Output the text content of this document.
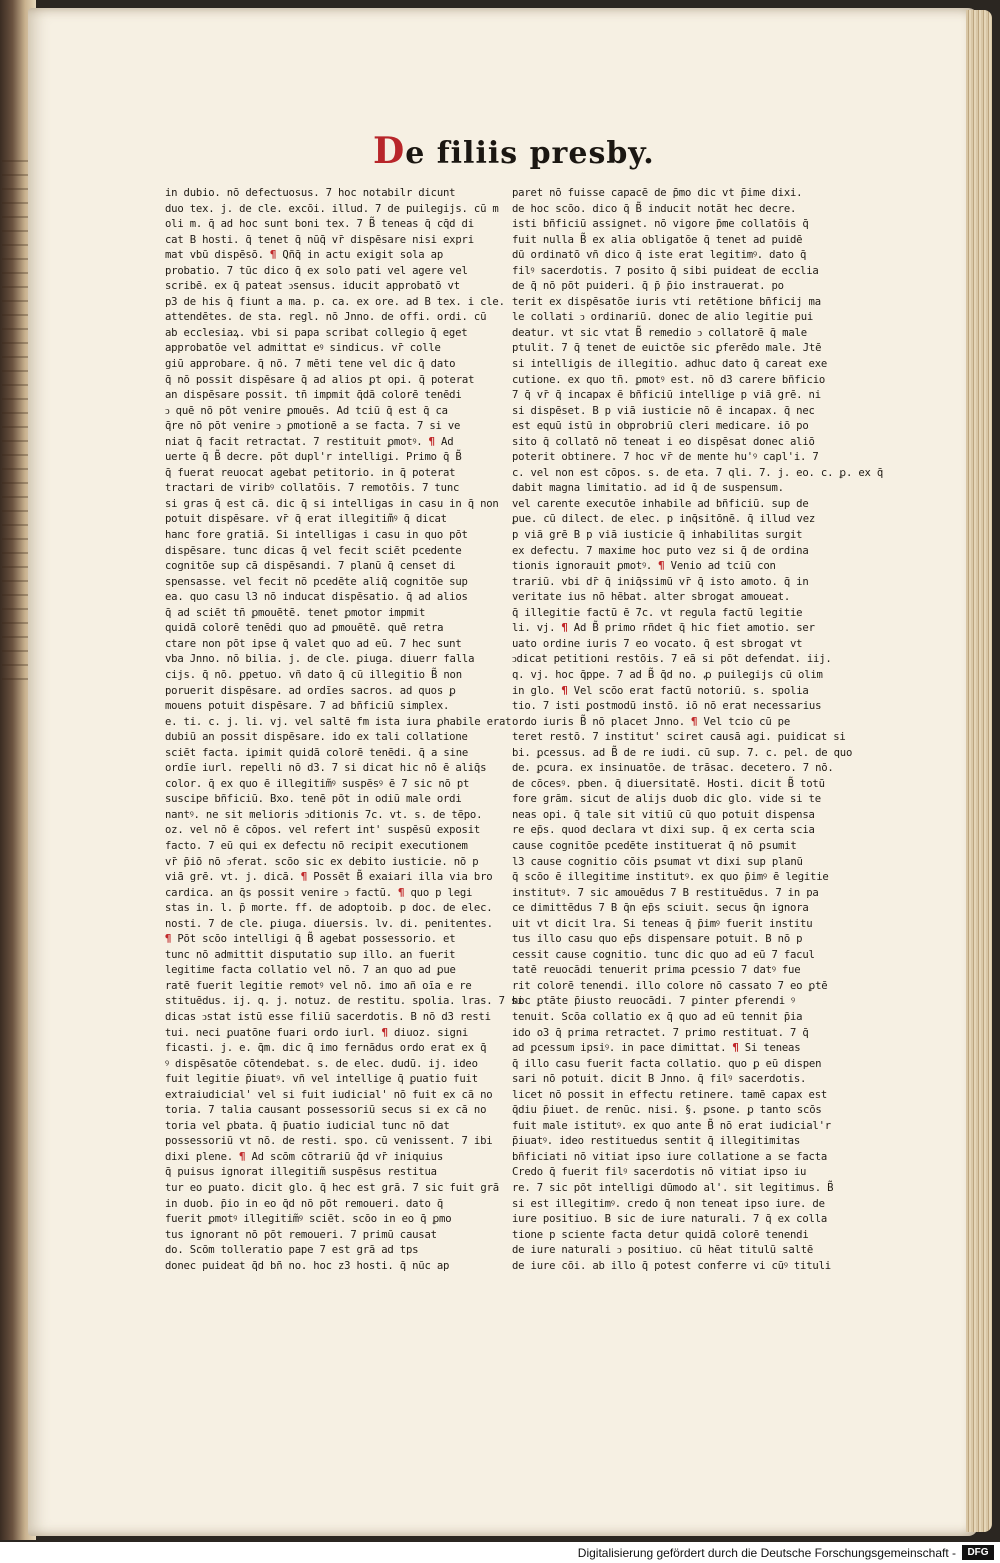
De filiis presby.
in dubio. nō defectuosus. 7 hoc notabilr dicunt
duo tex. j. de cle. excōi. illud. 7 de puilegijs. cū m
oli m. q̄ ad hoc sunt boni tex. 7 B̃ teneas q̄ cq̄d di
cat B hosti. q̄ tenet q̄ nūq̄ vr̄ dispēsare nisi expri
mat vbū dispēsō. ¶ Qñq̄ in actu exigit sola ap
probatio. 7 tūc dico q̄ ex solo pati vel agere vel
scribē. ex q̄ pateat ↄsensus. iducit approbatō vt
p3 de his q̄ fiunt a ma. p. ca. ex ore. ad B tex. i cle.
attendētes. de sta. regl. nō Jnno. de offi. ordi. cū
ab ecclesiaꝝ. vbi si papa scribat collegio q̄ eget
approbatōe vel admittat eꝰ sindicus. vr̄ colle
giū approbare. q̄ nō. 7 mēti tene vel dic q̄ dato
q̄ nō possit dispēsare q̄ ad alios ꝑt opi. q̄ poterat
an dispēsare possit. tn̄ impmit q̄dā colorē tenēdi
ↄ quē nō pōt venire ꝑmouēs. Ad tciū q̄ est q̄ ca
q̄re nō pōt venire ↄ ꝑmotionē a se facta. 7 si ve
niat q̄ facit retractat. 7 restituit ꝑmotꝰ. ¶ Ad
uerte q̄ B̃ decre. pōt dupl'r intelligi. Primo q̄ B̃
q̄ fuerat reuocat agebat petitorio. in q̄ poterat
tractari de viribꝰ collatōis. 7 remotōis. 7 tunc
si gras q̄ est cā. dic q̄ si intelligas in casu in q̄ non
potuit dispēsare. vr̄ q̄ erat illegitim̃ꝰ q̄ dicat
hanc fore gratiā. Si intelligas i casu in quo pōt
dispēsare. tunc dicas q̄ vel fecit sciēt pcedente
cognitōe sup cā dispēsandi. 7 planū q̄ censet di
spensasse. vel fecit nō pcedēte aliq̄ cognitōe sup
ea. quo casu l3 nō inducat dispēsatio. q̄ ad alios
q̄ ad sciēt tn̄ ꝑmouētē. tenet ꝑmotor impmit
quidā colorē tenēdi quo ad ꝑmouētē. quē retra
ctare non pōt ipse q̄ valet quo ad eū. 7 hec sunt
vba Jnno. nō bilia. j. de cle. ꝑiuga. diuerr falla
cijs. q̄ nō. ꝑpetuo. vñ dato q̄ cū illegitio B̃ non
poruerit dispēsare. ad ordīes sacros. ad quos ꝑ
mouens potuit dispēsare. 7 ad bñficiū simplex.
e. ti. c. j. li. vj. vel saltē fm ista iura ꝑhabile erat
dubiū an possit dispēsare. ido ex tali collatione
sciēt facta. iꝑimit quidā colorē tenēdi. q̄ a sine
ordīe iurl. repelli nō d3. 7 si dicat hic nō ē aliq̄s
color. q̄ ex quo ē illegitim̃ꝰ suspēsꝰ ē 7 sic nō pt
suscipe bñficiū. Bxo. tenē pōt in odiū male ordi
nantꝰ. ne sit melioris ↄditionis 7c. vt. s. de tēpo.
oz. vel nō ē cōpos. vel refert int' suspēsū exposit
facto. 7 eū qui ex defectu nō recipit executionem
vr̄ p̄iō nō ↄferat. scōo sic ex debito iusticie. nō p
viā grē. vt. j. dicā. ¶ Possēt B̃ exaiari illa via bro
cardica. an q̄s possit venire ↄ factū. ¶ quo p legi
stas in. l. p̄ morte. ff. de adoptoib. p doc. de elec.
nosti. 7 de cle. ꝑiuga. diuersis. lv. di. penitentes.
¶ Pōt scōo intelligi q̄ B̃ agebat possessorio. et
tunc nō admittit disputatio sup illo. an fuerit
legitime facta collatio vel nō. 7 an quo ad ꝑue
ratē fuerit legitie remotꝰ vel nō. imo añ oīa e re
stituēdus. ij. q. j. notuz. de restitu. spolia. lras. 7 si
dicas ↄstat istū esse filiū sacerdotis. B nō d3 resti
tui. neci ꝑuatōne fuari ordo iurl. ¶ diuoz. signi
ficasti. j. e. q̄m. dic q̄ imo fernādus ordo erat ex q̄
ꝰ dispēsatōe cōtendebat. s. de elec. dudū. ij. ideo
fuit legitie p̄iuatꝰ. vñ vel intellige q̄ ꝑuatio fuit
extraiudicial' vel si fuit iudicial' nō fuit ex cā no
toria. 7 talia causant possessoriū secus si ex cā no
toria vel ꝑbata. q̄ p̄uatio iudicial tunc nō dat
possessoriū vt nō. de resti. spo. cū venissent. 7 ibi
dixi plene. ¶ Ad scōm cōtrariū q̄d vr̄ iniquius
q̄ puisus ignorat illegitim̃ suspēsus restitua
tur eo ꝑuato. dicit glo. q̄ hec est grā. 7 sic fuit grā
in duob. p̄io in eo q̄d nō pōt remoueri. dato q̄
fuerit ꝑmotꝰ illegitim̃ꝰ sciēt. scōo in eo q̄ ꝑmo
tus ignorant nō pōt remoueri. 7 primū causat
do. Scōm tolleratio pape 7 est grā ad tps
donec puideat q̄d bñ no. hoc z3 hosti. q̄ nūc ap
paret nō fuisse capacē de p̄mo dic vt p̄ime dixi.
de hoc scōo. dico q̄ B̃ inducit notāt hec decre.
isti bñficiū assignet. nō vigore p̄me collatōis q̄
fuit nulla B̃ ex alia obligatōe q̄ tenet ad puidē
dū ordinatō vñ dico q̄ iste erat legitimꝰ. dato q̄
filꝰ sacerdotis. 7 posito q̄ sibi puideat de ecclia
de q̄ nō pōt puideri. q̄ p̄ p̄io instrauerat. po
terit ex dispēsatōe iuris vti retētione bñficij ma
le collati ↄ ordinariū. donec de alio legitie pui
deatur. vt sic vtat B̃ remedio ↄ collatorē q̄ male
ptulit. 7 q̄ tenet de euictōe sic ꝑferēdo male. Jtē
si intelligis de illegitio. adhuc dato q̄ careat exe
cutione. ex quo tn̄. ꝑmotꝰ est. nō d3 carere bñficio
7 q̄ vr̄ q̄ incapax ē bñficiū intellige p viā grē. ni
si dispēset. B p viā iusticie nō ē incapax. q̄ nec
est equū istū in obprobriū cleri medicare. iō po
sito q̄ collatō nō teneat i eo dispēsat donec aliō
poterit obtinere. 7 hoc vr̄ de mente hu'ꝰ capl'i. 7
c. vel non est cōpos. s. de eta. 7 qli. 7. j. eo. c. ꝑ. ex q̄
dabit magna limitatio. ad id q̄ de suspensum.
vel carente executōe inhabile ad bñficiū. sup de
ꝑue. cū dilect. de elec. p inq̄sitōnē. q̄ illud vez
p viā grē B p viā iusticie q̄ inhabilitas surgit
ex defectu. 7 maxime hoc puto vez si q̄ de ordina
tionis ignorauit ꝑmotꝰ. ¶ Venio ad tciū con
trariū. vbi dr̄ q̄ iniq̄ssimū vr̄ q̄ isto amoto. q̄ in
veritate ius nō hēbat. alter sbrogat amoueat.
q̄ illegitie factū ē 7c. vt regula factū legitie
li. vj. ¶ Ad B̃ primo rñdet q̄ hic fiet amotio. ser
uato ordine iuris 7 eo vocato. q̄ est sbrogat vt
ↄdicat petitioni restōis. 7 eā si pōt defendat. iij.
q. vj. hoc q̄ppe. 7 ad B̃ q̄d no. ꝓ puilegijs cū olim
in glo. ¶ Vel scōo erat factū notoriū. s. spolia
tio. 7 isti ꝑostmodū instō. iō nō erat necessarius
ordo iuris B̃ nō placet Jnno. ¶ Vel tcio cū pe
teret restō. 7 institut' sciret causā agi. puidicat si
bi. ꝑcessus. ad B̃ de re iudi. cū sup. 7. c. pel. de quo
de. ꝑcura. ex insinuatōe. de trāsac. decetero. 7 nō.
de cōcesꝰ. pben. q̄ diuersitatē. Hosti. dicit B̃ totū
fore grām. sicut de alijs duob dic glo. vide si te
neas opi. q̄ tale sit vitiū cū quo potuit dispensa
re ep̄s. quod declara vt dixi sup. q̄ ex certa scia
cause cognitōe pcedēte instituerat q̄ nō ꝑsumit
l3 cause cognitio cōis ꝑsumat vt dixi sup planū
q̄ scōo ē illegitime institutꝰ. ex quo p̄imꝰ ē legitie
institutꝰ. 7 sic amouēdus 7 B restituēdus. 7 in pa
ce dimittēdus 7 B q̄n ep̄s sciuit. secus q̄n ignora
uit vt dicit lra. Si teneas q̄ p̄imꝰ fuerit institu
tus illo casu quo ep̄s dispensare potuit. B nō p
cessit cause cognitio. tunc dic quo ad eū 7 facul
tatē reuocādi tenuerit prima ꝑcessio 7 datꝰ fue
rit colorē tenendi. illo colore nō cassato 7 eo ꝑtē
hoc ꝑtāte p̄iusto reuocādi. 7 ꝑinter ꝑferendi ꝰ
tenuit. Scōa collatio ex q̄ quo ad eū tennit p̄ia
ido o3 q̄ prima retractet. 7 primo restituat. 7 q̄
ad ꝑcessum ipsiꝰ. in pace dimittat. ¶ Si teneas
q̄ illo casu fuerit facta collatio. quo ꝑ eū dispen
sari nō potuit. dicit B Jnno. q̄ filꝰ sacerdotis.
licet nō possit in effectu retinere. tamē capax est
q̄diu p̄iuet. de renūc. nisi. §. ꝑsone. ꝑ tanto scōs
fuit male istitutꝰ. ex quo ante B̃ nō erat iudicial'r
p̄iuatꝰ. ideo restituedus sentit q̄ illegitimitas
bñficiati nō vitiat ipso iure collatione a se facta
Credo q̄ fuerit filꝰ sacerdotis nō vitiat ipso iu
re. 7 sic pōt intelligi dūmodo al'. sit legitimus. B̃
si est illegitimꝰ. credo q̄ non teneat ipso iure. de
iure positiuo. B sic de iure naturali. 7 q̄ ex colla
tione p sciente facta detur quidā colorē tenendi
de iure naturali ↄ positiuo. cū hēat titulū saltē
de iure cōi. ab illo q̄ potest conferre vi cūꝰ tituli
Digitalisierung gefördert durch die Deutsche Forschungsgemeinschaft -	DFG
